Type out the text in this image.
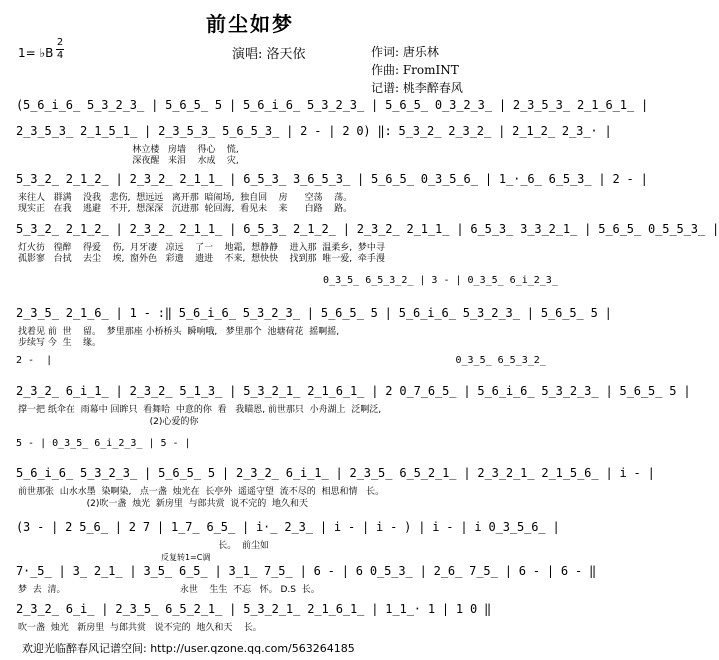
前尘如梦
1= ♭B
2
4	演唱: 洛天依	作词: 唐乐林
作曲: FromINT
记谱: 桃李醉春风
(5̲6̲i̲6̲ 5̲3̲2̲3̲ | 5̲6̲5̲ 5 | 5̲6̲i̲6̲ 5̲3̲2̲3̲ | 5̲6̲5̲ 0̲3̲2̲3̲ | 2̲3̲5̲3̲ 2̲1̲6̲1̲ |
2̲3̲5̲3̲ 2̲1̲5̲1̲ | 2̲3̲5̲3̲ 5̲6̲5̲3̲ | 2 - | 2 0) ‖: 5̲3̲2̲ 2̲3̲2̲ | 2̲1̲2̲ 2̲3̲· |
林立楼   房墙    得心    慌,
深夜醒   来泪    水成    灾,
5̲3̲2̲ 2̲1̲2̲ | 2̲3̲2̲ 2̲1̲1̲ | 6̲5̲3̲ 3̲6̲5̲3̲ | 5̲6̲5̲ 0̲3̲5̲6̲ | 1̲·̲6̲ 6̲5̲3̲ | 2 - |
来往人   群满    没我   悲伤,  想远远   离开那  暗闹场,  独自回    房      空荡    荡。
现实正   在我    逃避   不开,  想深深   沉进那  轮回海,  看见未    来      白路    路。
5̲3̲2̲ 2̲1̲2̲ | 2̲3̲2̲ 2̲1̲1̲ | 6̲5̲3̲ 2̲1̲2̲ | 2̲3̲2̲ 2̲1̲1̲ | 6̲5̲3̲ 3̲3̲2̲1̲ | 5̲6̲5̲ 0̲5̲5̲3̲ |
灯火彷   徨醉    得爱    伤,  月牙凄   凉远    了一    地霜,  想静静    进入那  温柔乡,  梦中寻
孤影寥   台拭    去尘    埃,  窗外色   彩遗    遗进    不来,  想快快    找到那  唯一爱,  牵手漫
0̲3̲5̲ 6̲5̲3̲2̲ | 3 - | 0̲3̲5̲ 6̲i̲2̲3̲
2̲3̲5̲ 2̲1̲6̲ | 1 - :‖ 5̲6̲i̲6̲ 5̲3̲2̲3̲ | 5̲6̲5̲ 5 | 5̲6̲i̲6̲ 5̲3̲2̲3̲ | 5̲6̲5̲ 5 |
找着见 前  世    留。  梦里那座 小桥桥头  瞬响哦,   梦里那个  池塘荷花  摇啊摇,
步续写 今  生    缘。
2 -  |                                                                   0̲3̲5̲ 6̲5̲3̲2̲
2̲3̲2̲ 6̲i̲1̲ | 2̲3̲2̲ 5̲1̲3̲ | 5̲3̲2̲1̲ 2̲1̲6̲1̲ | 2 0̲7̲6̲5̲ | 5̲6̲i̲6̲ 5̲3̲2̲3̲ | 5̲6̲5̲ 5 |
撑一把 纸伞在  雨幕中 回眸只  看舞哈  中意的你  看   我瞄恩, 前世那只  小舟湖上  泛啊泛,
(2)心爱的你
5 - | 0̲3̲5̲ 6̲i̲2̲3̲ | 5 - |
5̲6̲i̲6̲ 5̲3̲2̲3̲ | 5̲6̲5̲ 5 | 2̲3̲2̲ 6̲i̲1̲ | 2̲3̲5̲ 6̲5̲2̲1̲ | 2̲3̲2̲1̲ 2̲1̲5̲6̲ | i - |
前世那张  山水水墨  染啊染,   点一盏  烛光在  长亭外  遥遥守望  流不尽的  相思和情   长。
(2)吹一盏  烛光  新房里  与郎共赏  说不完的  地久和天
(3 - | 2 5̲6̲ | 2 7 | 1̲7̲ 6̲5̲ | i·̲ 2̲3̲ | i - | i - ) | i - | i 0̲3̲5̲6̲ |
长。  前尘如
反复转1=C调
7·̲5̲ | 3̲ 2̲1̲ | 3̲5̲ 6̲5̲ | 3̲1̲ 7̲5̲ | 6 - | 6 0̲5̲3̲ | 2̲6̲ 7̲5̲ | 6 - | 6 - ‖
梦  去  清。                                        永世    生生  不忘   怀。 D.S  长。
2̲3̲2̲ 6̲i̲ | 2̲3̲5̲ 6̲5̲2̲1̲ | 5̲3̲2̲1̲ 2̲1̲6̲1̲ | 1̲1̲· 1 | 1 0 ‖
吹一盏  烛光   新房里  与郎共赏   说不完的  地久和天    长。
欢迎光临醉春风记谱空间: http://user.qzone.qq.com/563264185
